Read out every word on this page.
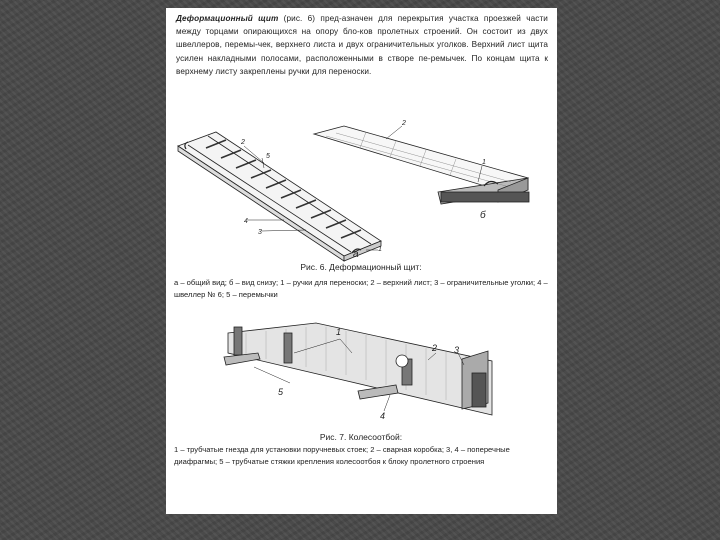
Деформационный щит (рис. 6) пред-азначен для перекрытия участка проезжей части между торцами опирающихся на опору бло-ков пролетных строений. Он состоит из двух швеллеров, перемы-чек, верхнего листа и двух ограничительных уголков. Верхний лист щита усилен накладными полосами, расположенными в створе пе-ремычек. По концам щита к верхнему листу закреплены ручки для переноски.
2
5
4
3
1
2
1
б
а
Рис. 6. Деформационный щит:
а – общий вид; б – вид снизу; 1 – ручки для переноски; 2 – верхний лист; 3 – ограничительные уголки; 4 – швеллер № 6; 5 – перемычки
1
2 3
5
4
Рис. 7. Колесоотбой:
1 – трубчатые гнезда для установки поручневых стоек; 2 – сварная коробка; 3, 4 – поперечные диафрагмы; 5 – трубчатые стяжки крепления колесоотбоя к блоку пролетного строения
